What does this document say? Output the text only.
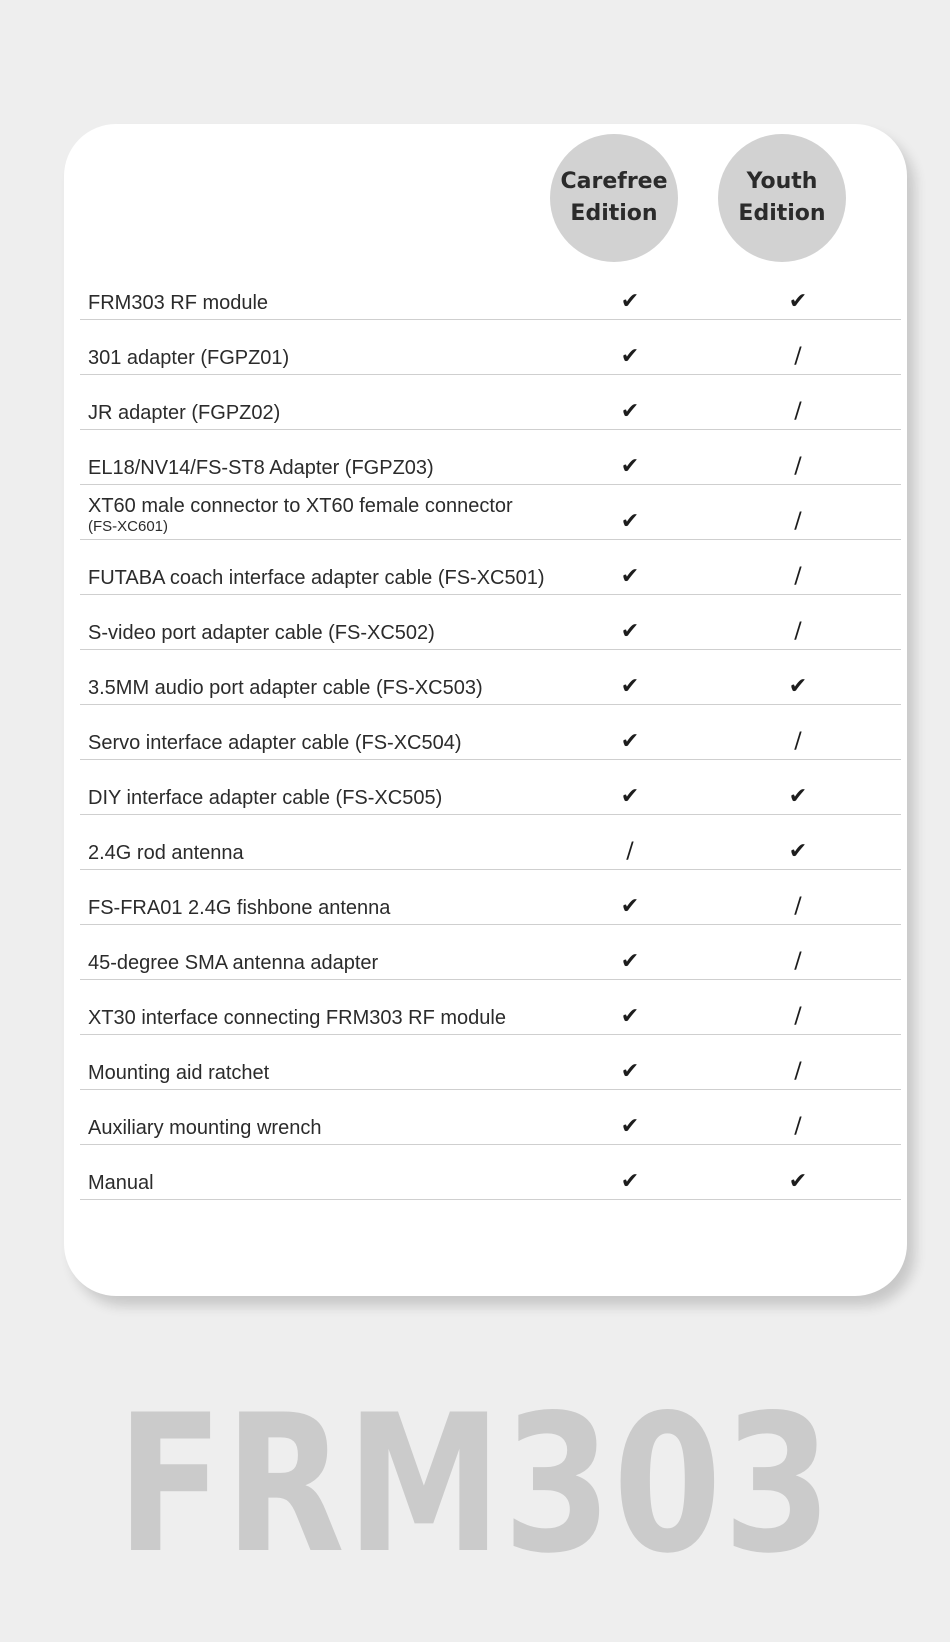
Carefree
Edition
Youth
Edition
FRM303 RF module	✔	✔
301 adapter (FGPZ01)	✔	/
JR adapter (FGPZ02)	✔	/
EL18/NV14/FS-ST8 Adapter (FGPZ03)	✔	/
XT60 male connector to XT60 female connector
(FS-XC601)	✔	/
FUTABA coach interface adapter cable (FS-XC501)	✔	/
S-video port adapter cable (FS-XC502)	✔	/
3.5MM audio port adapter cable (FS-XC503)	✔	✔
Servo interface adapter cable (FS-XC504)	✔	/
DIY interface adapter cable (FS-XC505)	✔	✔
2.4G rod antenna	/	✔
FS-FRA01 2.4G fishbone antenna	✔	/
45-degree SMA antenna adapter	✔	/
XT30 interface connecting FRM303 RF module	✔	/
Mounting aid ratchet	✔	/
Auxiliary mounting wrench	✔	/
Manual	✔	✔
FRM303
